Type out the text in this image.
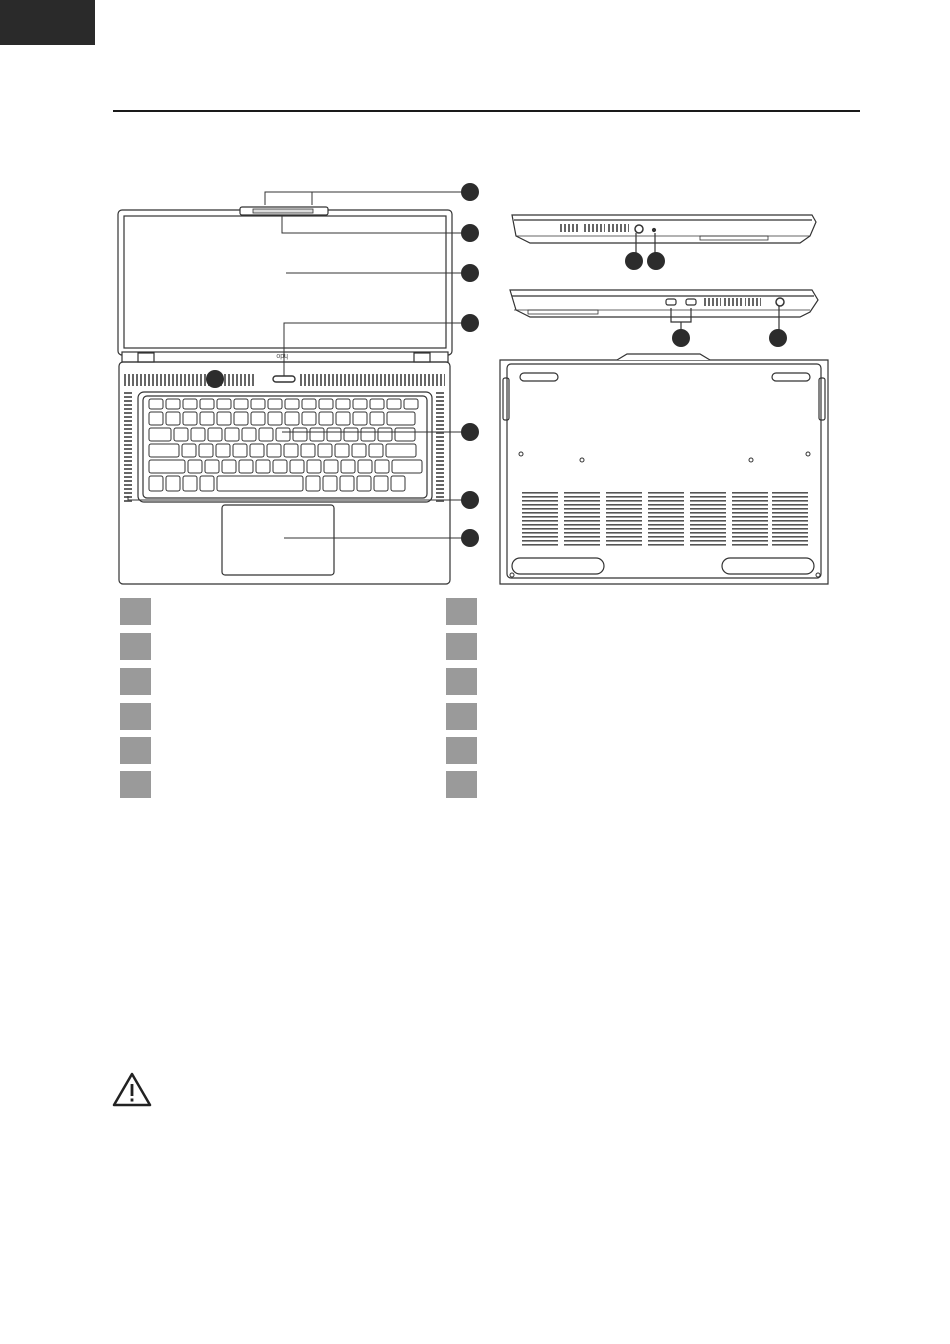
hdo
